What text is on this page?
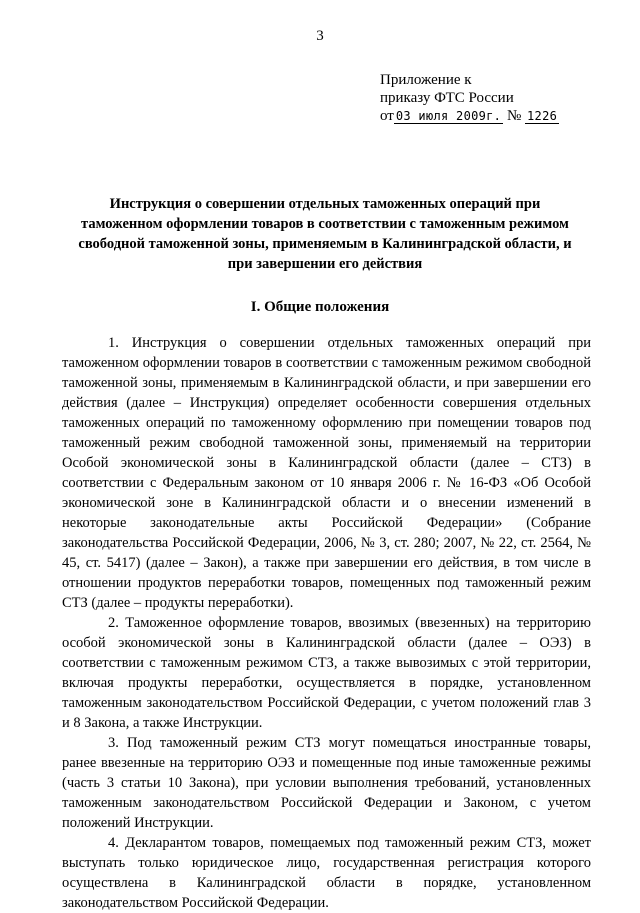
3
Приложение к
приказу ФТС России
от 03 июля 2009г. № 1226
Инструкция о совершении отдельных таможенных операций при
таможенном оформлении товаров в соответствии с таможенным режимом
свободной таможенной зоны, применяемым в Калининградской области, и
при завершении его действия
I. Общие положения

1. Инструкция о совершении отдельных таможенных операций при таможенном оформлении товаров в соответствии с таможенным режимом свободной таможенной зоны, применяемым в Калининградской области, и при завершении его действия (далее – Инструкция) определяет особенности совершения отдельных таможенных операций по таможенному оформлению при помещении товаров под таможенный режим свободной таможенной зоны, применяемый на территории Особой экономической зоны в Калининградской области (далее – СТЗ) в соответствии с Федеральным законом от 10 января 2006 г. № 16-ФЗ «Об Особой экономической зоне в Калининградской области и о внесении изменений в некоторые законодательные акты Российской Федерации» (Собрание законодательства Российской Федерации, 2006, № 3, ст. 280; 2007, № 22, ст. 2564, № 45, ст. 5417) (далее – Закон), а также при завершении его действия, в том числе в отношении продуктов переработки товаров, помещенных под таможенный режим СТЗ (далее – продукты переработки).

2. Таможенное оформление товаров, ввозимых (ввезенных) на территорию особой экономической зоны в Калининградской области (далее – ОЭЗ) в соответствии с таможенным режимом СТЗ, а также вывозимых с этой территории, включая продукты переработки, осуществляется в порядке, установленном таможенным законодательством Российской Федерации, с учетом положений глав 3 и 8 Закона, а также Инструкции.

3. Под таможенный режим СТЗ могут помещаться иностранные товары, ранее ввезенные на территорию ОЭЗ и помещенные под иные таможенные режимы (часть 3 статьи 10 Закона), при условии выполнения требований, установленных таможенным законодательством Российской Федерации и Законом, с учетом положений Инструкции.

4. Декларантом товаров, помещаемых под таможенный режим СТЗ, может выступать только юридическое лицо, государственная регистрация которого осуществлена в Калининградской области в порядке, установленном законодательством Российской Федерации.
